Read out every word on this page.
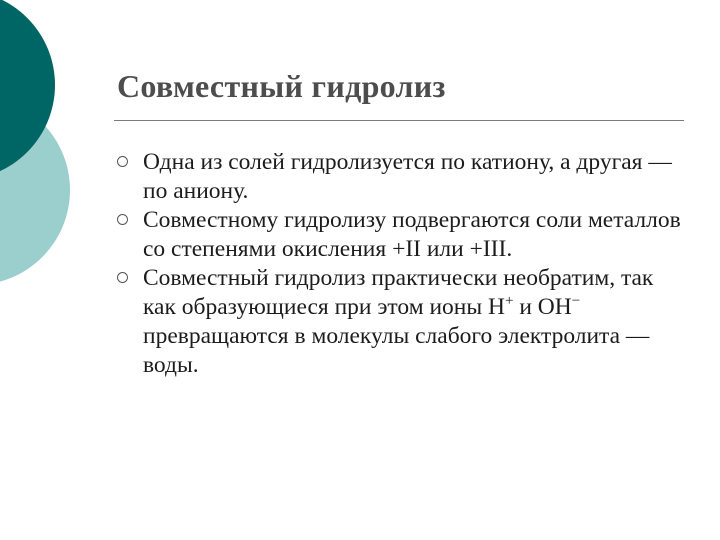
Совместный гидролиз
Одна из солей гидролизуется по катиону, а другая — по аниону.
Совместному гидролизу подвергаются соли металлов со степенями окисления +II или +III.
Совместный гидролиз практически необратим, так как образующиеся при этом ионы H+ и OH− превращаются в молекулы слабого электролита — воды.
